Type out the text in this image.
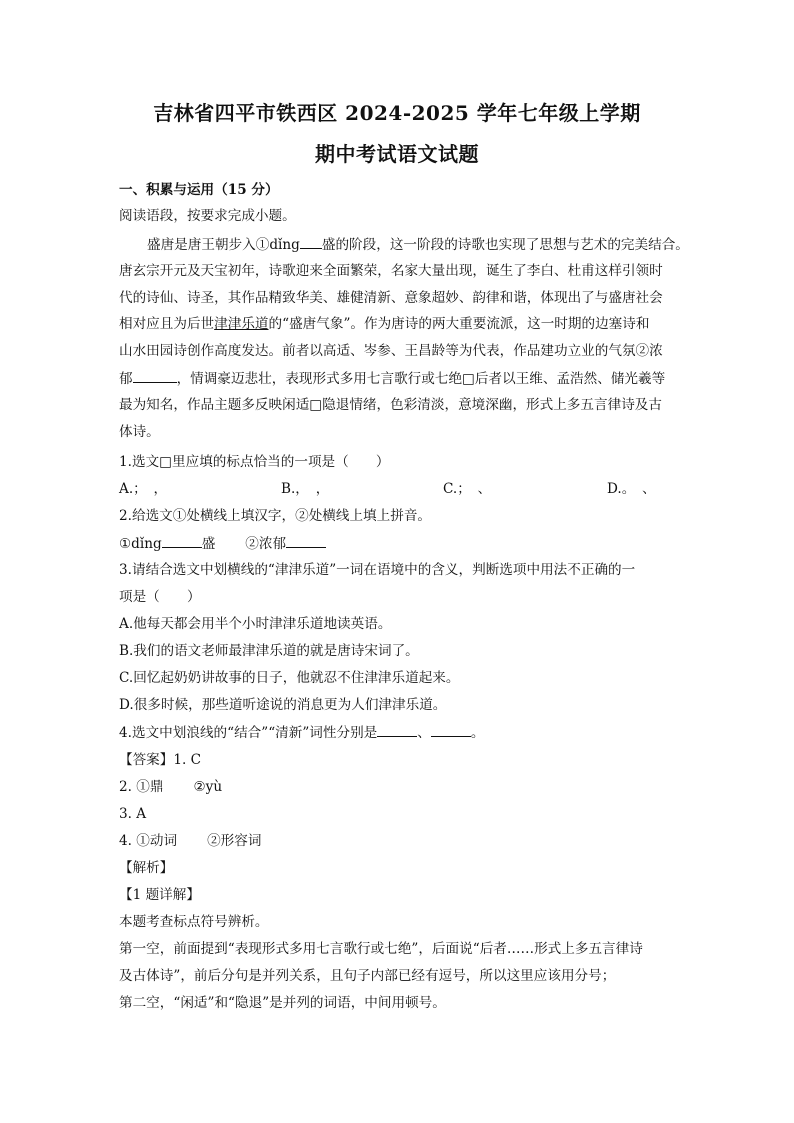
吉林省四平市铁西区 2024-2025 学年七年级上学期
期中考试语文试题
一、积累与运用（15 分）
阅读语段，按要求完成小题。
盛唐是唐王朝步入①dǐng 盛的阶段，这一阶段的诗歌也实现了思想与艺术的完美结合。
唐玄宗开元及天宝初年，诗歌迎来全面繁荣，名家大量出现，诞生了李白、杜甫这样引领时
代的诗仙、诗圣，其作品精致华美、雄健清新、意象超妙、韵律和谐，体现出了与盛唐社会
相对应且为后世津津乐道的“盛唐气象”。作为唐诗的两大重要流派，这一时期的边塞诗和
山水田园诗创作高度发达。前者以高适、岑参、王昌龄等为代表，作品建功立业的气氛②浓
郁	，情调豪迈悲壮，表现形式多用七言歌行或七绝□后者以王维、孟浩然、储光羲等
最为知名，作品主题多反映闲适□隐退情绪，色彩清淡，意境深幽，形式上多五言律诗及古
体诗。
1.选文□里应填的标点恰当的一项是（　　）
A.；　，	B.，　，	C.；　、	D.。　、
2.给选文①处横线上填汉字，②处横线上填上拼音。
①dǐng	盛 ②浓郁
3.请结合选文中划横线的“津津乐道”一词在语境中的含义，判断选项中用法不正确的一
项是（　　）
A.他每天都会用半个小时津津乐道地读英语。
B.我们的语文老师最津津乐道的就是唐诗宋词了。
C.回忆起奶奶讲故事的日子，他就忍不住津津乐道起来。
D.很多时候，那些道听途说的消息更为人们津津乐道。
4.选文中划浪线的“结合”“清新”词性分别是	、	。
【答案】1. C
2. ①鼎 ②yù
3. A
4. ①动词 ②形容词
【解析】
【1 题详解】
本题考查标点符号辨析。
第一空，前面提到“表现形式多用七言歌行或七绝”，后面说“后者……形式上多五言律诗
及古体诗”，前后分句是并列关系，且句子内部已经有逗号，所以这里应该用分号；
第二空，“闲适”和“隐退”是并列的词语，中间用顿号。
